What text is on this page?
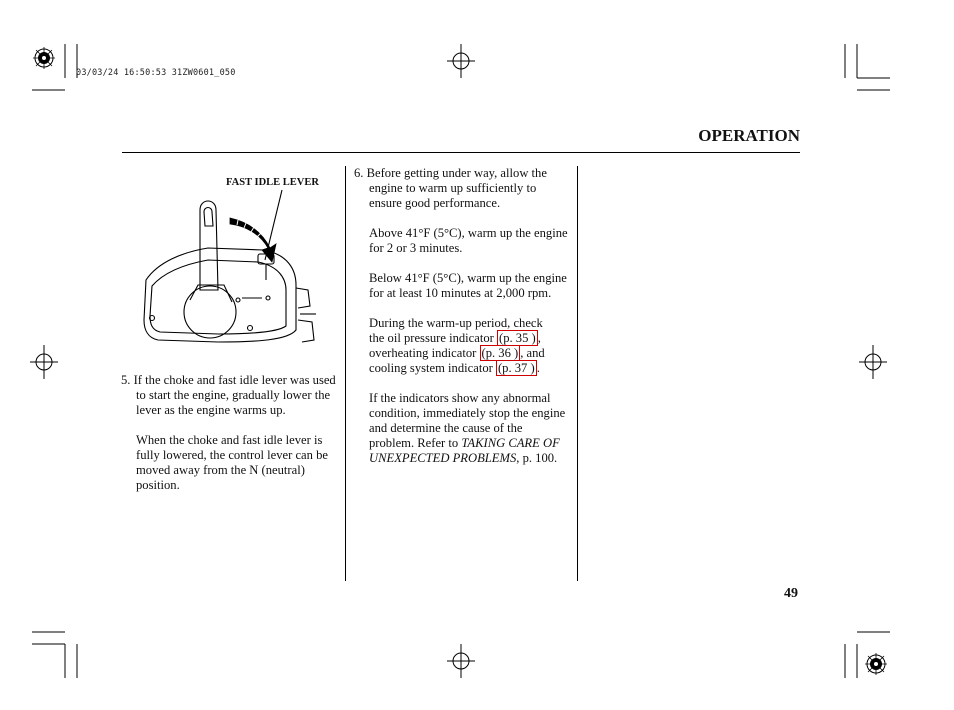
03/03/24 16:50:53 31ZW0601_050
OPERATION
FAST IDLE LEVER

5. If the choke and fast idle lever was used to start the engine, gradually lower the lever as the engine warms up.

When the choke and fast idle lever is fully lowered, the control lever can be moved away from the N (neutral) position.

6. Before getting under way, allow the engine to warm up sufficiently to ensure good performance.

Above 41°F (5°C), warm up the engine for 2 or 3 minutes.

Below 41°F (5°C), warm up the engine for at least 10 minutes at 2,000 rpm.

During the warm-up period, check
the oil pressure indicator (p. 35 ) ,
overheating indicator (p. 36 ) , and
cooling system indicator (p. 37 ) .

If the indicators show any abnormal condition, immediately stop the engine and determine the cause of the problem. Refer to TAKING CARE OF UNEXPECTED PROBLEMS, p. 100.

49
